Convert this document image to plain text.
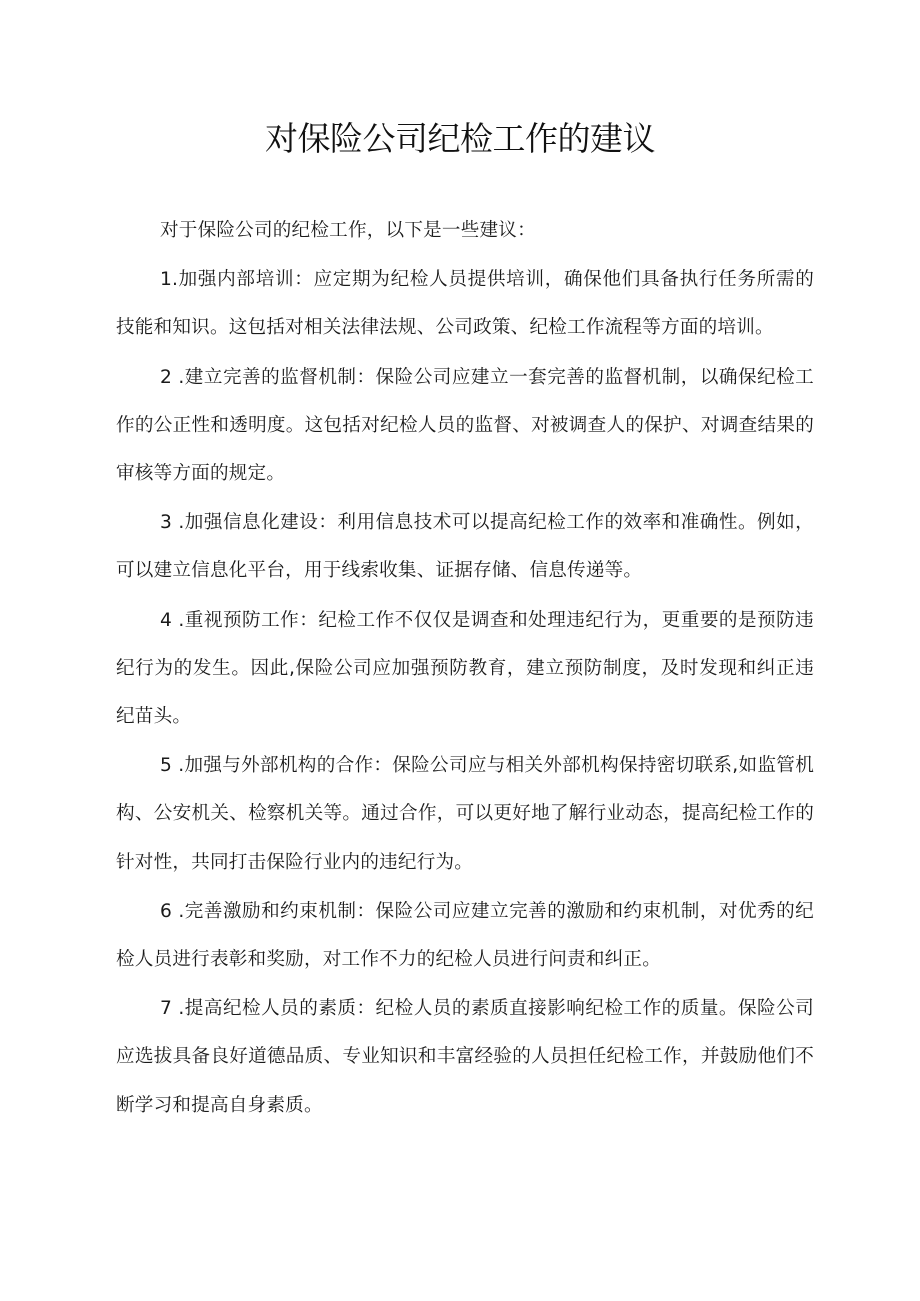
对保险公司纪检工作的建议

对于保险公司的纪检工作，以下是一些建议：

1.加强内部培训：应定期为纪检人员提供培训，确保他们具备执行任务所需的技能和知识。这包括对相关法律法规、公司政策、纪检工作流程等方面的培训。

2 .建立完善的监督机制：保险公司应建立一套完善的监督机制，以确保纪检工作的公正性和透明度。这包括对纪检人员的监督、对被调查人的保护、对调查结果的审核等方面的规定。

3 .加强信息化建设：利用信息技术可以提高纪检工作的效率和准确性。例如，可以建立信息化平台，用于线索收集、证据存储、信息传递等。

4 .重视预防工作：纪检工作不仅仅是调查和处理违纪行为，更重要的是预防违纪行为的发生。因此,保险公司应加强预防教育，建立预防制度，及时发现和纠正违纪苗头。

5 .加强与外部机构的合作：保险公司应与相关外部机构保持密切联系,如监管机构、公安机关、检察机关等。通过合作，可以更好地了解行业动态，提高纪检工作的针对性，共同打击保险行业内的违纪行为。

6 .完善激励和约束机制：保险公司应建立完善的激励和约束机制，对优秀的纪检人员进行表彰和奖励，对工作不力的纪检人员进行问责和纠正。

7 .提高纪检人员的素质：纪检人员的素质直接影响纪检工作的质量。保险公司应选拔具备良好道德品质、专业知识和丰富经验的人员担任纪检工作，并鼓励他们不断学习和提高自身素质。
